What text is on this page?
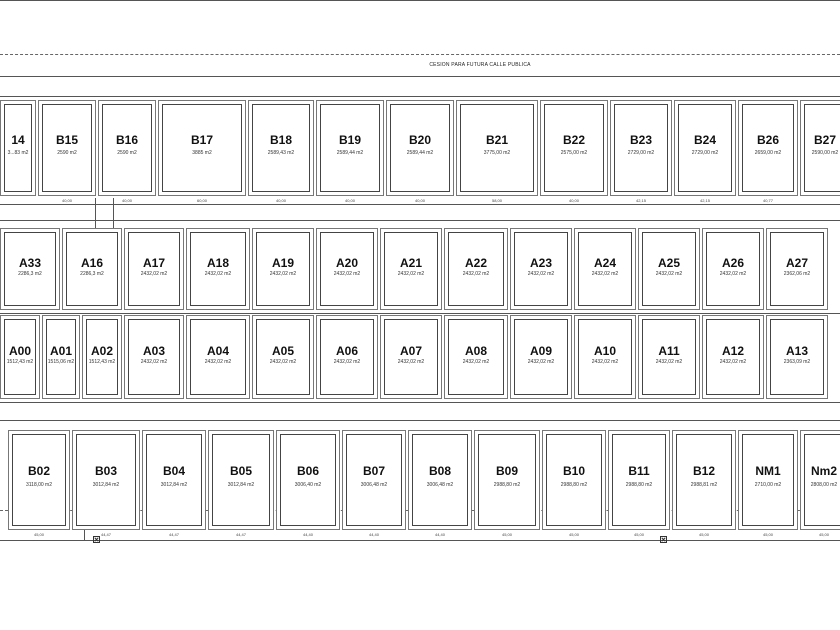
CESION PARA FUTURA CALLE PUBLICA
14
3...83 m2
B15
2590 m2
40,00
B16
2590 m2
40,00
B17
3885 m2
60,00
B18
2589,43 m2
40,00
B19
2589,44 m2
40,00
B20
2589,44 m2
40,00
B21
3775,00 m2
58,00
B22
2575,00 m2
40,00
B23
2729,00 m2
42,15
B24
2729,00 m2
42,15
B26
2659,00 m2
40,77
B27
2590,00 m2
A33
2286,3 m2
A16
2286,3 m2
A17
2432,02 m2
A18
2432,02 m2
A19
2432,02 m2
A20
2432,02 m2
A21
2432,02 m2
A22
2432,02 m2
A23
2432,02 m2
A24
2432,02 m2
A25
2432,02 m2
A26
2432,02 m2
A27
2362,06 m2
A00
1512,43 m2
A01
1515,06 m2
A02
1512,43 m2
A03
2432,02 m2
A04
2432,02 m2
A05
2432,02 m2
A06
2432,02 m2
A07
2432,02 m2
A08
2432,02 m2
A09
2432,02 m2
A10
2432,02 m2
A11
2432,02 m2
A12
2432,02 m2
A13
2363,09 m2
B02
3118,00 m2
45,00
B03
3012,84 m2
44,47
B04
3012,84 m2
44,47
B05
3012,84 m2
44,47
B06
3006,40 m2
44,40
B07
3006,48 m2
44,40
B08
3006,48 m2
44,40
B09
2988,80 m2
45,00
B10
2988,80 m2
45,00
B11
2988,80 m2
45,00
B12
2988,81 m2
45,00
NM1
2710,00 m2
45,00
Nm2
2808,00 m2
45,00
